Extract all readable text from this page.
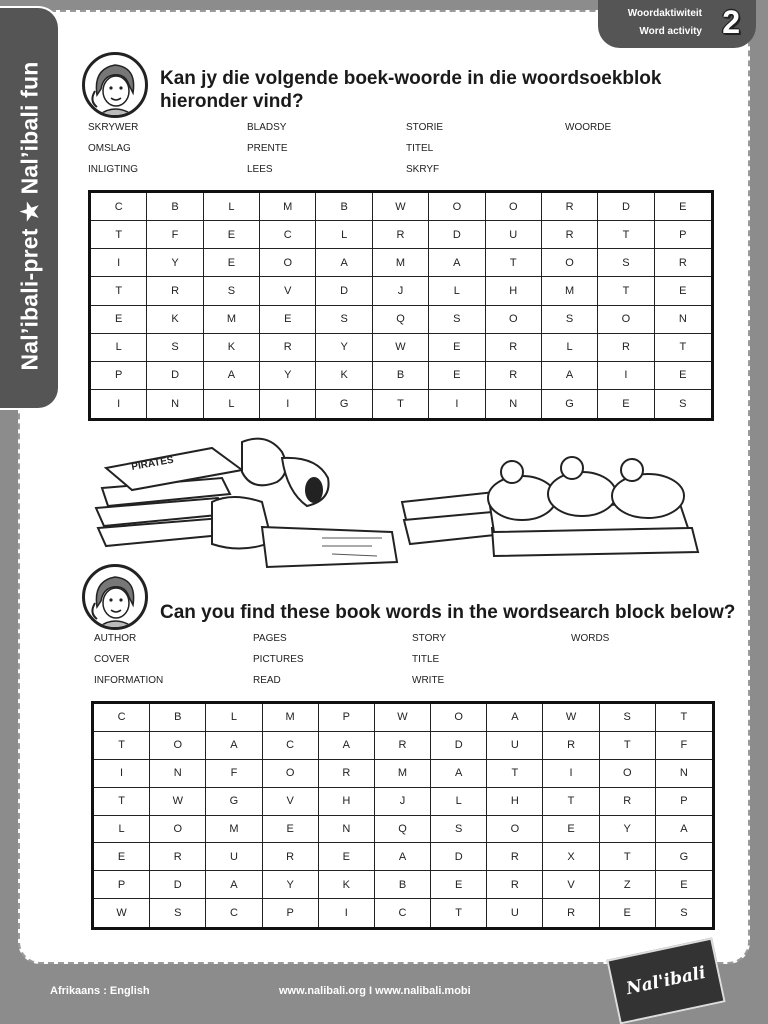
Nal’ibali-pret ★ Nal’ibali fun
Woordaktiwiteit
Word activity 2
Kan jy die volgende boek-woorde in die woordsoekblok
hieronder vind?
SKRYWER	BLADSY	STORIE	WOORDE
OMSLAG	PRENTE	TITEL
INLIGTING	LEES	SKRYF
C	B	L	M	B	W	O	O	R	D	E
T	F	E	C	L	R	D	U	R	T	P
I	Y	E	O	A	M	A	T	O	S	R
T	R	S	V	D	J	L	H	M	T	E
E	K	M	E	S	Q	S	O	S	O	N
L	S	K	R	Y	W	E	R	L	R	T
P	D	A	Y	K	B	E	R	A	I	E
I	N	L	I	G	T	I	N	G	E	S
PIRATES
Can you find these book words in the wordsearch block below?
AUTHOR	PAGES	STORY	WORDS
COVER	PICTURES	TITLE
INFORMATION	READ	WRITE
C	B	L	M	P	W	O	A	W	S	T
T	O	A	C	A	R	D	U	R	T	F
I	N	F	O	R	M	A	T	I	O	N
T	W	G	V	H	J	L	H	T	R	P
L	O	M	E	N	Q	S	O	E	Y	A
E	R	U	R	E	A	D	R	X	T	G
P	D	A	Y	K	B	E	R	V	Z	E
W	S	C	P	I	C	T	U	R	E	S
Afrikaans : English	www.nalibali.org I www.nalibali.mobi	Nal'ibali
